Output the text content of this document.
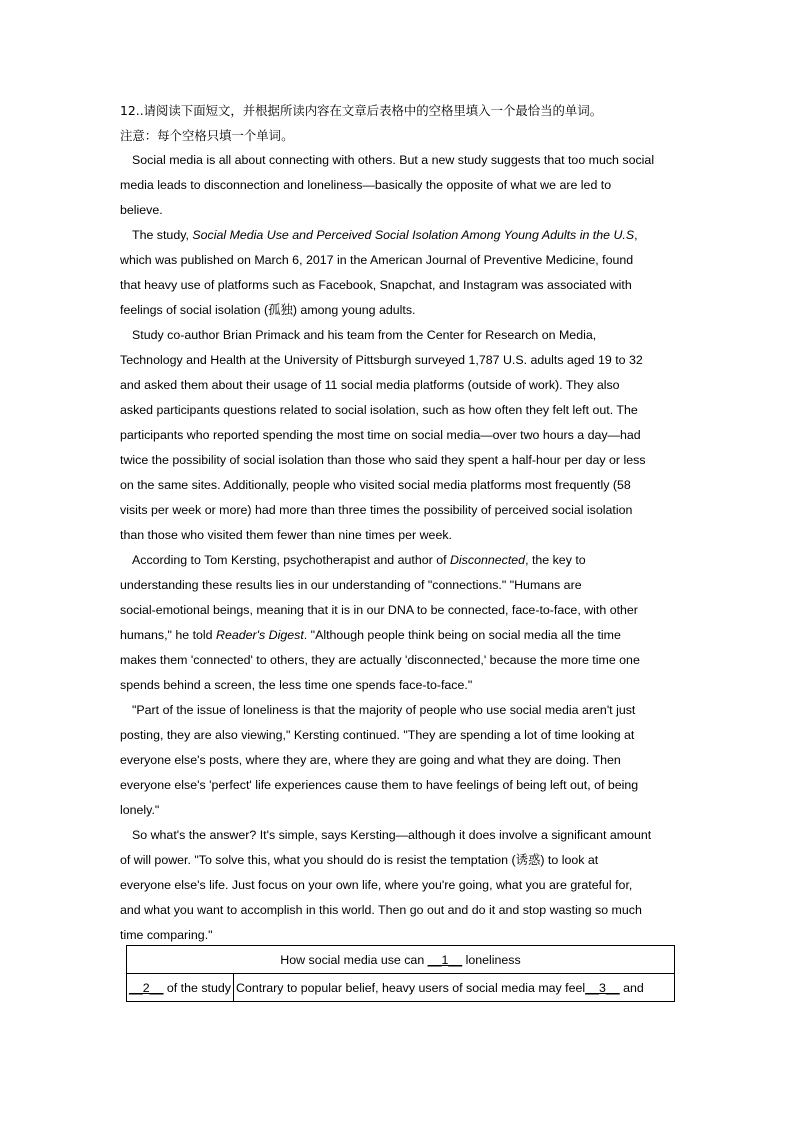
12..请阅读下面短文，并根据所读内容在文章后表格中的空格里填入一个最恰当的单词。
注意：每个空格只填一个单词。
Social media is all about connecting with others. But a new study suggests that too much social
media leads to disconnection and loneliness—basically the opposite of what we are led to
believe.
The study, Social Media Use and Perceived Social Isolation Among Young Adults in the U.S,
which was published on March 6, 2017 in the American Journal of Preventive Medicine, found
that heavy use of platforms such as Facebook, Snapchat, and Instagram was associated with
feelings of social isolation (孤独) among young adults.
Study co-author Brian Primack and his team from the Center for Research on Media,
Technology and Health at the University of Pittsburgh surveyed 1,787 U.S. adults aged 19 to 32
and asked them about their usage of 11 social media platforms (outside of work). They also
asked participants questions related to social isolation, such as how often they felt left out. The
participants who reported spending the most time on social media—over two hours a day—had
twice the possibility of social isolation than those who said they spent a half-hour per day or less
on the same sites. Additionally, people who visited social media platforms most frequently (58
visits per week or more) had more than three times the possibility of perceived social isolation
than those who visited them fewer than nine times per week.
According to Tom Kersting, psychotherapist and author of Disconnected, the key to
understanding these results lies in our understanding of "connections." "Humans are
social-emotional beings, meaning that it is in our DNA to be connected, face-to-face, with other
humans," he told Reader's Digest. "Although people think being on social media all the time
makes them 'connected' to others, they are actually 'disconnected,' because the more time one
spends behind a screen, the less time one spends face-to-face."
"Part of the issue of loneliness is that the majority of people who use social media aren't just
posting, they are also viewing," Kersting continued. "They are spending a lot of time looking at
everyone else's posts, where they are, where they are going and what they are doing. Then
everyone else's 'perfect' life experiences cause them to have feelings of being left out, of being
lonely."
So what's the answer? It's simple, says Kersting—although it does involve a significant amount
of will power. "To solve this, what you should do is resist the temptation (诱惑) to look at
everyone else's life. Just focus on your own life, where you're going, what you are grateful for,
and what you want to accomplish in this world. Then go out and do it and stop wasting so much
time comparing."
How social media use can __1__ loneliness
__2__ of the study	Contrary to popular belief, heavy users of social media may feel__3__ and
